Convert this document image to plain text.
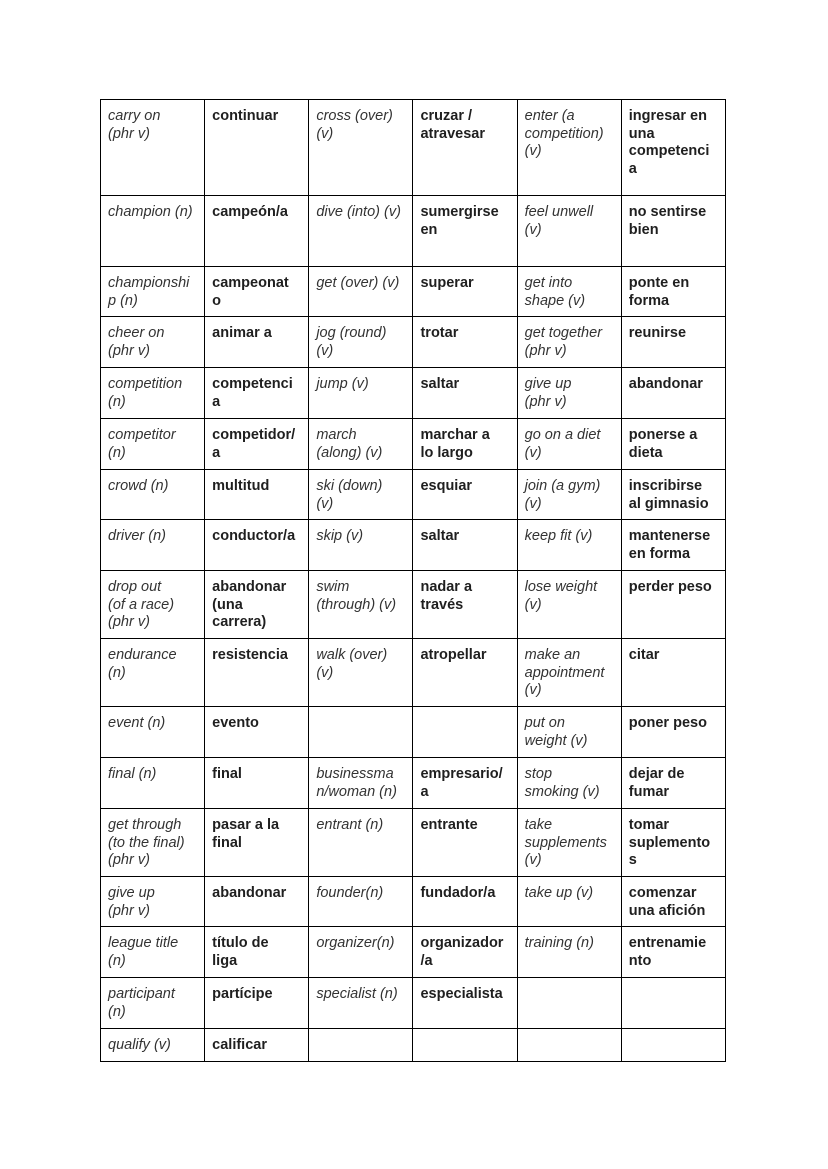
carry on
(phr v)	continuar	cross (over)
(v)	cruzar /
atravesar	enter (a
competition)
(v)	ingresar en
una
competenci
a

champion (n)	campeón/a	dive (into) (v)	sumergirse
en	feel unwell
(v)	no sentirse
bien

championshi
p (n)	campeonat
o	get (over) (v)	superar	get into
shape (v)	ponte en
forma

cheer on
(phr v)	animar a	jog (round)
(v)	trotar	get together
(phr v)	reunirse

competition
(n)	competenci
a	jump (v)	saltar	give up
(phr v)	abandonar

competitor
(n)	competidor/
a	march
(along) (v)	marchar a
lo largo	go on a diet
(v)	ponerse a
dieta

crowd (n)	multitud	ski (down)
(v)	esquiar	join (a gym)
(v)	inscribirse
al gimnasio

driver (n)	conductor/a	skip (v)	saltar	keep fit (v)	mantenerse
en forma

drop out
(of a race)
(phr v)	abandonar
(una
carrera)	swim
(through) (v)	nadar a
través	lose weight
(v)	perder peso

endurance
(n)	resistencia	walk (over)
(v)	atropellar	make an
appointment
(v)	citar

event (n)	evento			put on
weight (v)	poner peso

final (n)	final	businessma
n/woman (n)	empresario/
a	stop
smoking (v)	dejar de
fumar

get through
(to the final)
(phr v)	pasar a la
final	entrant (n)	entrante	take
supplements
(v)	tomar
suplemento
s

give up
(phr v)	abandonar	founder(n)	fundador/a	take up (v)	comenzar
una afición

league title
(n)	título de
liga	organizer(n)	organizador
/a	training (n)	entrenamie
nto

participant
(n)	partícipe	specialist (n)	especialista		

qualify (v)	calificar				
